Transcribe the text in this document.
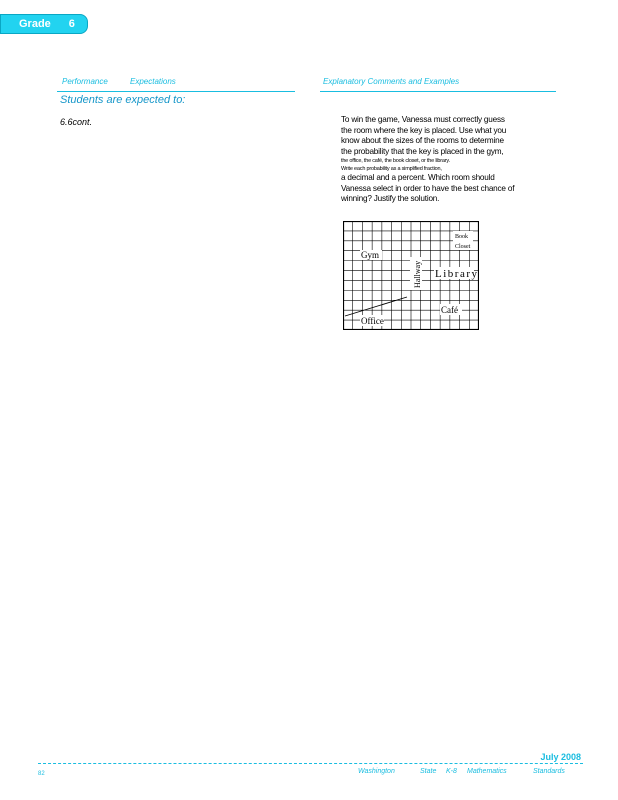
Grade 6
Performance	Expectations	Explanatory Comments and Examples
Students are expected to:
6.6cont.	To win the game, Vanessa must correctly guess
the room where the key is placed. Use what you
know about the sizes of the rooms to determine
the probability that the key is placed in the gym,
the office, the café, the book closet, or the library.
Write each probability as a simplified fraction,
a decimal and a percent. Which room should
Vanessa select in order to have the best chance of
winning? Justify the solution.
Book
Closet
Gym
Hallway Library
Café
Office
July 2008
82	Washington	State K-8 Mathematics	Standards
